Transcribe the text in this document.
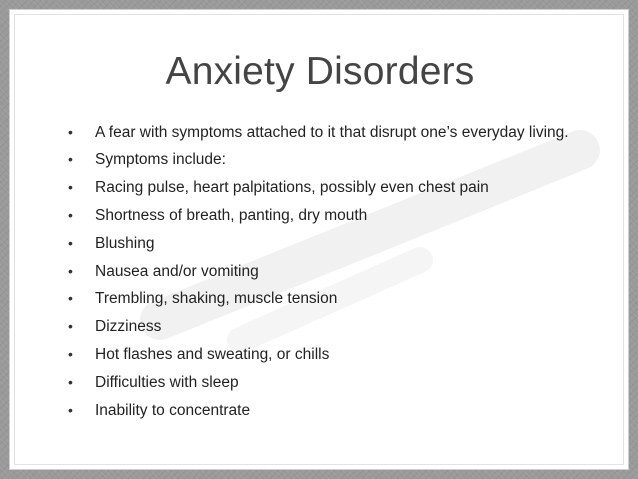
Anxiety Disorders
• A fear with symptoms attached to it that disrupt one’s everyday living.
• Symptoms include:
• Racing pulse, heart palpitations, possibly even chest pain
• Shortness of breath, panting, dry mouth
• Blushing
• Nausea and/or vomiting
• Trembling, shaking, muscle tension
• Dizziness
• Hot flashes and sweating, or chills
• Difficulties with sleep
• Inability to concentrate
